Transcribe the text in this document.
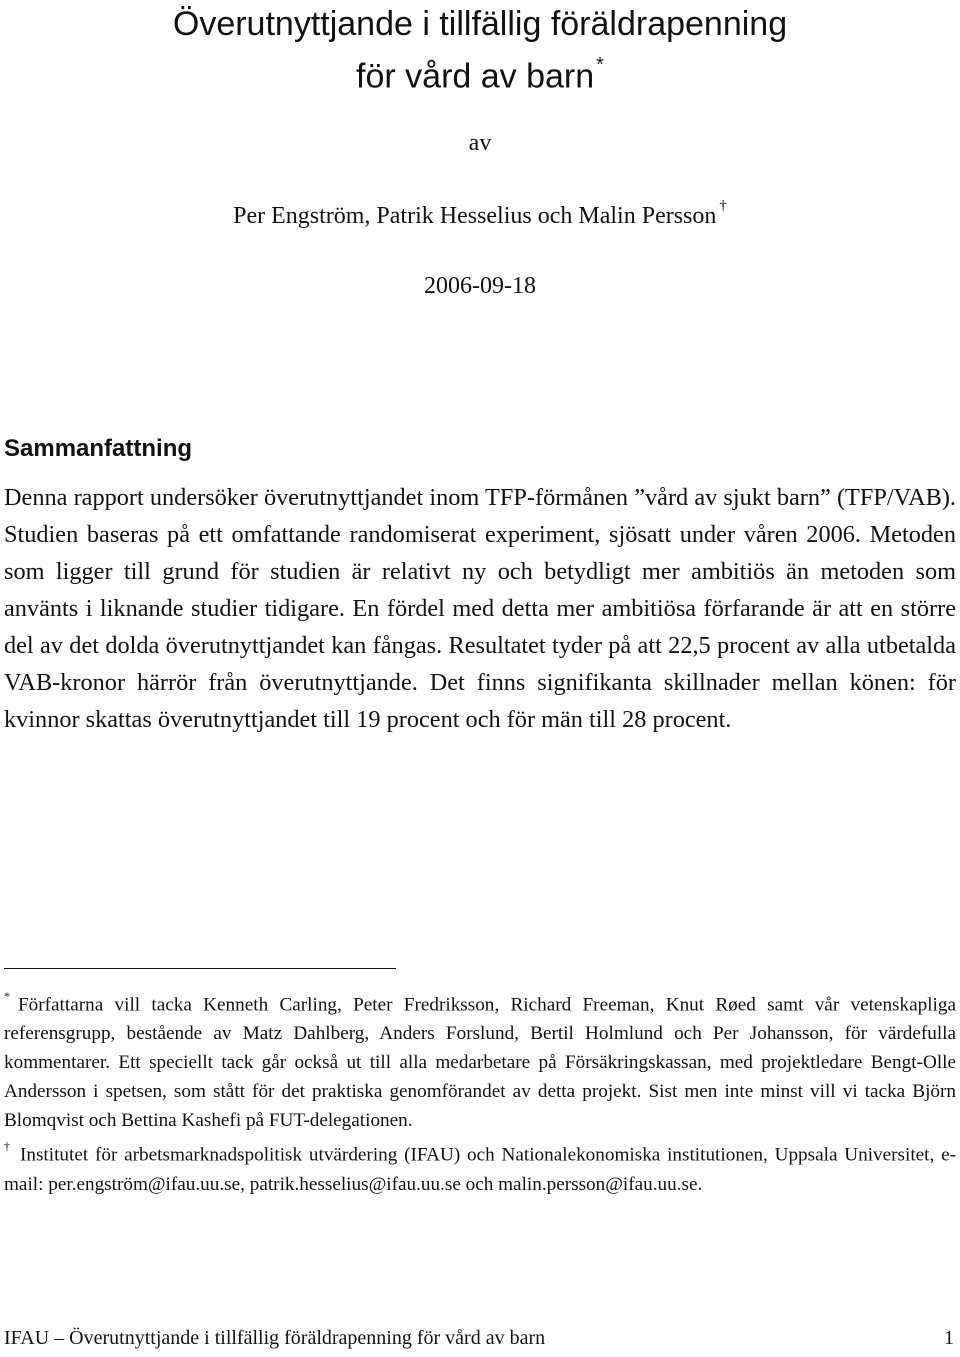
Överutnyttjande i tillfällig föräldrapenning
för vård av barn *
av
Per Engström, Patrik Hesselius och Malin Persson †
2006-09-18
Sammanfattning

Denna rapport undersöker överutnyttjandet inom TFP-förmånen ”vård av sjukt barn” (TFP/VAB). Studien baseras på ett omfattande randomiserat experiment, sjösatt under våren 2006. Metoden som ligger till grund för studien är relativt ny och betydligt mer ambitiös än metoden som använts i liknande studier tidigare. En fördel med detta mer ambitiösa förfarande är att en större del av det dolda överutnyttjandet kan fångas. Resultatet tyder på att 22,5 procent av alla utbetalda VAB-kronor härrör från överutnyttjande. Det finns signifikanta skillnader mellan könen: för kvinnor skattas överutnyttjandet till 19 procent och för män till 28 procent.

* Författarna vill tacka Kenneth Carling, Peter Fredriksson, Richard Freeman, Knut Røed samt vår vetenskapliga referensgrupp, bestående av Matz Dahlberg, Anders Forslund, Bertil Holmlund och Per Johansson, för värdefulla kommentarer. Ett speciellt tack går också ut till alla medarbetare på Försäkringskassan, med projektledare Bengt-Olle Andersson i spetsen, som stått för det praktiska genomförandet av detta projekt. Sist men inte minst vill vi tacka Björn Blomqvist och Bettina Kashefi på FUT-delegationen.

† Institutet för arbetsmarknadspolitisk utvärdering (IFAU) och Nationalekonomiska institutionen, Uppsala Universitet, e-mail: per.engström@ifau.uu.se, patrik.hesselius@ifau.uu.se och malin.persson@ifau.uu.se.

IFAU – Överutnyttjande i tillfällig föräldrapenning för vård av barn	1
